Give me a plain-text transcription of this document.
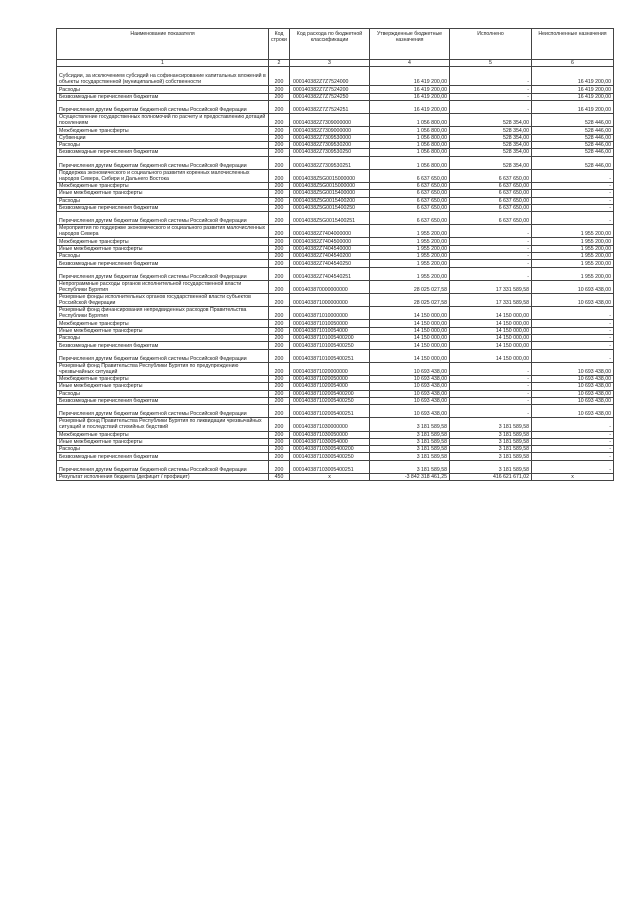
Наименование показателя	Код строки	Код расхода по бюджетной классификации	Утвержденные бюджетные назначения	Исполнено	Неисполненные назначения
1	2	3	4	5	6
Субсидии, за исключением субсидий на софинансирование капитальных вложений в объекты государственной (муниципальной) собственности	200	000140382Z7Z7524000	16 419 200,00	-	16 419 200,00
Расходы	200	000140382Z7Z7524200	16 419 200,00	-	16 419 200,00
Безвозмездные перечисления бюджетам	200	000140382Z7Z7524250	16 419 200,00	-	16 419 200,00
Перечисления другим бюджетам бюджетной системы Российской Федерации	200	000140382Z7Z7524251	16 419 200,00	-	16 419 200,00
Осуществление государственных полномочий по расчету и предоставлению дотаций поселениям	200	000140382Z7309000000	1 056 800,00	528 354,00	528 446,00
Межбюджетные трансферты	200	000140382Z7309000000	1 056 800,00	528 354,00	528 446,00
Субвенции	200	000140382Z7309530000	1 056 800,00	528 354,00	528 446,00
Расходы	200	000140382Z7309530200	1 056 800,00	528 354,00	528 446,00
Безвозмездные перечисления бюджетам	200	000140382Z7309530250	1 056 800,00	528 354,00	528 446,00
Перечисления другим бюджетам бюджетной системы Российской Федерации	200	000140382Z7309530251	1 056 800,00	528 354,00	528 446,00
Поддержка экономического и социального развития коренных малочисленных народов Севера, Сибири и Дальнего Востока	200	00014038Z5G0015000000	6 637 650,00	6 637 650,00	-
Межбюджетные трансферты	200	00014038Z5G0015000000	6 637 650,00	6 637 650,00	-
Иные межбюджетные трансферты	200	00014038Z5G0015400000	6 637 650,00	6 637 650,00	-
Расходы	200	00014038Z5G0015400200	6 637 650,00	6 637 650,00	-
Безвозмездные перечисления бюджетам	200	00014038Z5G0015400250	6 637 650,00	6 637 650,00	-
Перечисления другим бюджетам бюджетной системы Российской Федерации	200	00014038Z5G0015400251	6 637 650,00	6 637 650,00	-
Мероприятия по поддержке экономического и социального развития малочисленных народов Севера	200	000140382Z7404000000	1 955 200,00	-	1 955 200,00
Межбюджетные трансферты	200	000140382Z7404500000	1 955 200,00	-	1 955 200,00
Иные межбюджетные трансферты	200	000140382Z7404540000	1 955 200,00	-	1 955 200,00
Расходы	200	000140382Z7404540200	1 955 200,00	-	1 955 200,00
Безвозмездные перечисления бюджетам	200	000140382Z7404540250	1 955 200,00	-	1 955 200,00
Перечисления другим бюджетам бюджетной системы Российской Федерации	200	000140382Z7404540251	1 955 200,00	-	1 955 200,00
Непрограммные расходы органов исполнительной государственной власти Республики Бурятия	200	0001403870000000000	28 025 027,58	17 331 589,58	10 693 438,00
Резервные фонды исполнительных органов государственной власти субъектов Российской Федерации	200	0001403871000000000	28 025 027,58	17 331 589,58	10 693 438,00
Резервный фонд финансирования непредвиденных расходов Правительства Республики Бурятия	200	0001403871010000000	14 150 000,00	14 150 000,00	-
Межбюджетные трансферты	200	0001403871010050000	14 150 000,00	14 150 000,00	-
Иные межбюджетные трансферты	200	0001403871010054000	14 150 000,00	14 150 000,00	-
Расходы	200	000140387101005400200	14 150 000,00	14 150 000,00	-
Безвозмездные перечисления бюджетам	200	000140387101005400250	14 150 000,00	14 150 000,00	-
Перечисления другим бюджетам бюджетной системы Российской Федерации	200	000140387101005400251	14 150 000,00	14 150 000,00	-
Резервный фонд Правительства Республики Бурятия по предупреждению чрезвычайных ситуаций	200	0001403871020000000	10 693 438,00	-	10 693 438,00
Межбюджетные трансферты	200	0001403871020050000	10 693 438,00	-	10 693 438,00
Иные межбюджетные трансферты	200	0001403871020054000	10 693 438,00	-	10 693 438,00
Расходы	200	000140387102005400200	10 693 438,00	-	10 693 438,00
Безвозмездные перечисления бюджетам	200	000140387102005400250	10 693 438,00	-	10 693 438,00
Перечисления другим бюджетам бюджетной системы Российской Федерации	200	000140387102005400251	10 693 438,00	-	10 693 438,00
Резервный фонд Правительства Республики Бурятия по ликвидации чрезвычайных ситуаций и последствий стихийных бедствий	200	0001403871030000000	3 181 589,58	3 181 589,58	-
Межбюджетные трансферты	200	0001403871030050000	3 181 589,58	3 181 589,58	-
Иные межбюджетные трансферты	200	0001403871030054000	3 181 589,58	3 181 589,58	-
Расходы	200	000140387103005400200	3 181 589,58	3 181 589,58	-
Безвозмездные перечисления бюджетам	200	000140387103005400250	3 181 589,58	3 181 589,58	-
Перечисления другим бюджетам бюджетной системы Российской Федерации	200	000140387103005400251	3 181 589,58	3 181 589,58	-
Результат исполнения бюджета (дефицит / профицит)	450	x	-3 842 318 461,25	416 621 671,02	x
